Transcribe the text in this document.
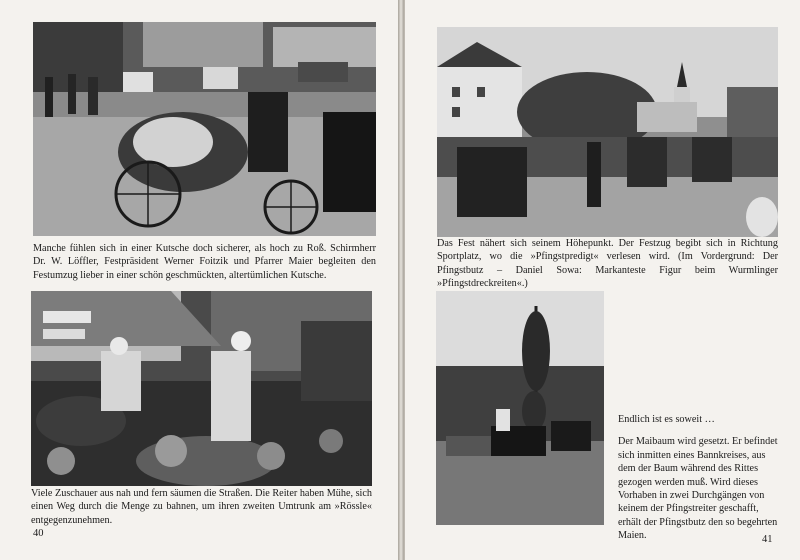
Manche fühlen sich in einer Kutsche doch sicherer, als hoch zu Roß. Schirmherr Dr. W. Löffler, Festpräsident Werner Foitzik und Pfarrer Maier begleiten den Festumzug lieber in einer schön geschmückten, altertümlichen Kutsche.

Viele Zuschauer aus nah und fern säumen die Straßen. Die Reiter haben Mühe, sich einen Weg durch die Menge zu bahnen, um ihren zweiten Umtrunk am »Rössle« entgegenzunehmen.

40

Das Fest nähert sich seinem Höhepunkt. Der Festzug begibt sich in Richtung Sportplatz, wo die »Pfingstpredigt« verlesen wird. (Im Vordergrund: Der Pfingstbutz – Daniel Sowa: Markanteste Figur beim Wurmlinger »Pfingstdreckreiten«.)

Endlich ist es soweit …

Der Maibaum wird gesetzt. Er befindet sich inmitten eines Bannkreises, aus dem der Baum während des Rittes gezogen werden muß. Wird dieses Vorhaben in zwei Durchgängen von keinem der Pfingstreiter geschafft, erhält der Pfingstbutz den so begehrten Maien.	41
